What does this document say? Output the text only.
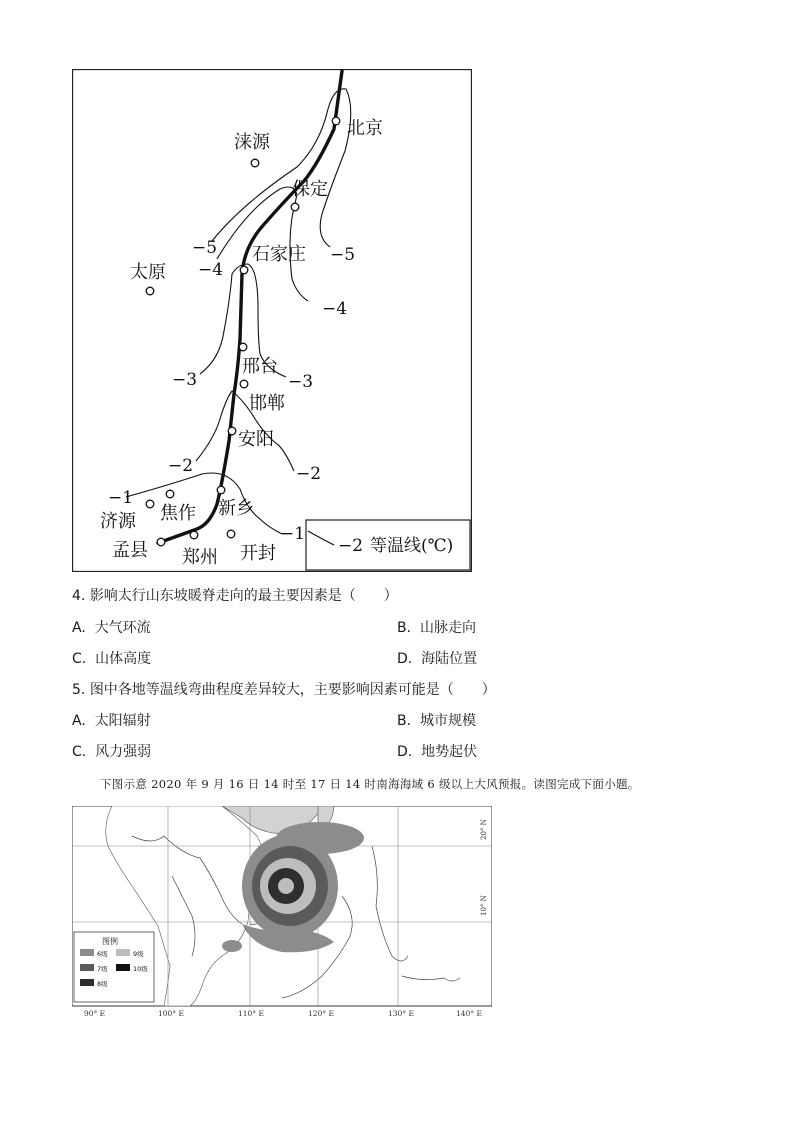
北京
涞源
保定
石家庄
太原
邢台
邯郸
安阳
济源 焦作 新乡
孟县 郑州 开封
−5	−5
−4
−4
−3	−3
−2	−2
−1
−1
−2 等温线(℃)
4. 影响太行山东坡暖脊走向的最主要因素是（　　）
A. 大气环流	B. 山脉走向
C. 山体高度	D. 海陆位置
5. 图中各地等温线弯曲程度差异较大，主要影响因素可能是（　　）
A. 太阳辐射	B. 城市规模
C. 风力强弱	D. 地势起伏
下图示意 2020 年 9 月 16 日 14 时至 17 日 14 时南海海域 6 级以上大风预报。读图完成下面小题。
20° N
10° N
90° E	100° E	110° E	120° E	130° E	140° E
图例
6级	9级
7级	10级
8级
